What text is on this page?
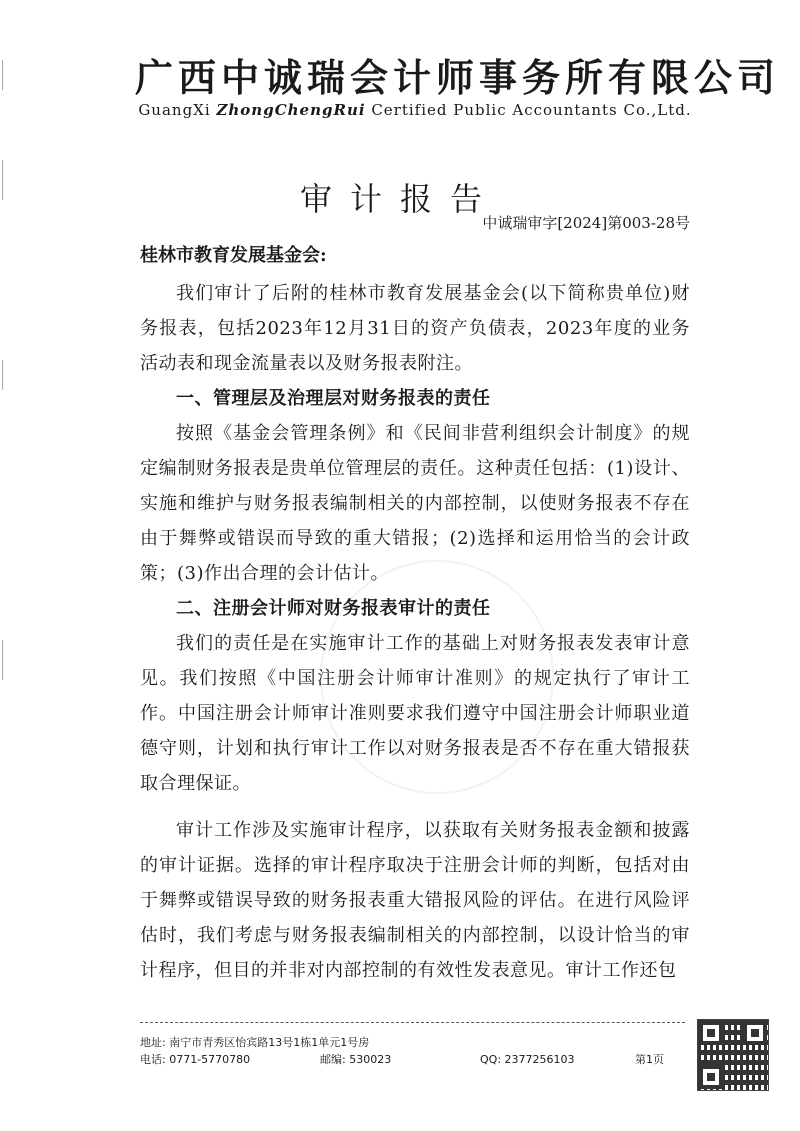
广西中诚瑞会计师事务所有限公司
GuangXi ZhongChengRui Certified Public Accountants Co.,Ltd.
审计报告
中诚瑞审字[2024]第003-28号
桂林市教育发展基金会:

我们审计了后附的桂林市教育发展基金会(以下简称贵单位)财务报表，包括2023年12月31日的资产负债表，2023年度的业务活动表和现金流量表以及财务报表附注。

一、管理层及治理层对财务报表的责任

按照《基金会管理条例》和《民间非营利组织会计制度》的规定编制财务报表是贵单位管理层的责任。这种责任包括：(1)设计、实施和维护与财务报表编制相关的内部控制，以使财务报表不存在由于舞弊或错误而导致的重大错报；(2)选择和运用恰当的会计政策；(3)作出合理的会计估计。

二、注册会计师对财务报表审计的责任

我们的责任是在实施审计工作的基础上对财务报表发表审计意见。我们按照《中国注册会计师审计准则》的规定执行了审计工作。中国注册会计师审计准则要求我们遵守中国注册会计师职业道德守则，计划和执行审计工作以对财务报表是否不存在重大错报获取合理保证。

审计工作涉及实施审计程序，以获取有关财务报表金额和披露的审计证据。选择的审计程序取决于注册会计师的判断，包括对由于舞弊或错误导致的财务报表重大错报风险的评估。在进行风险评估时，我们考虑与财务报表编制相关的内部控制，以设计恰当的审计程序，但目的并非对内部控制的有效性发表意见。审计工作还包

地址: 南宁市青秀区怡宾路13号1栋1单元1号房
电话: 0771-5770780	邮编: 530023	QQ: 2377256103	第1页
